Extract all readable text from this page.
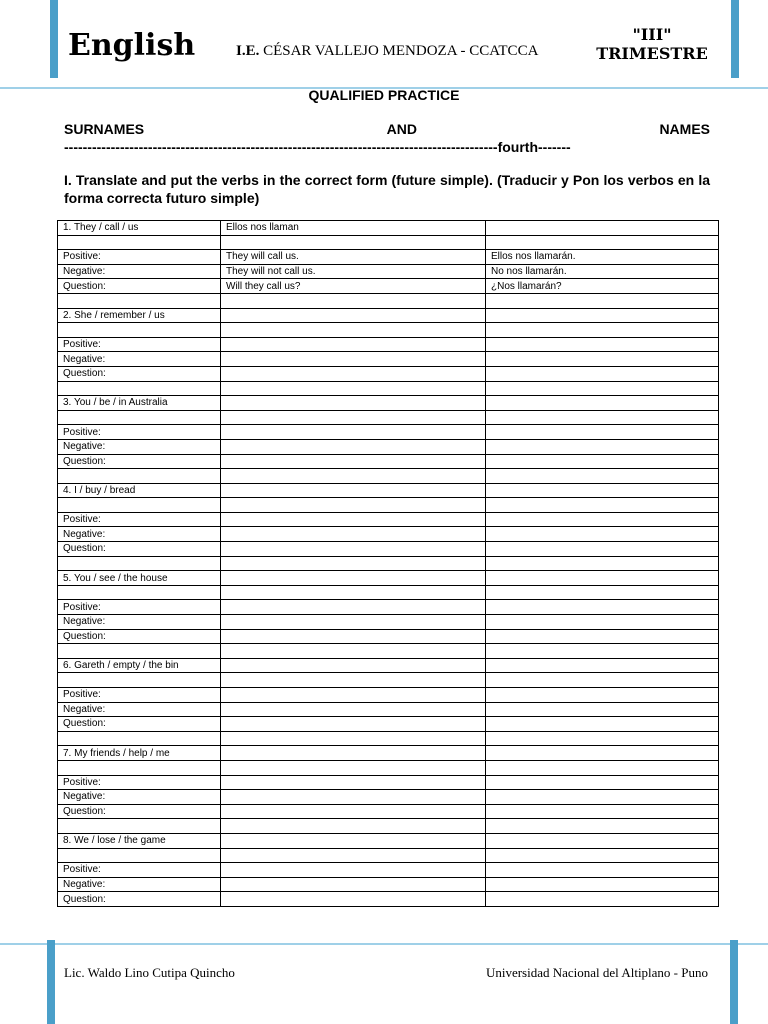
English	I.E. CÉSAR VALLEJO MENDOZA - CCATCCA
"III"
TRIMESTRE
QUALIFIED PRACTICE
SURNAMES	AND	NAMES
---------------------------------------------------------------------------------------------fourth-------

I. Translate and put the verbs in the correct form (future simple). (Traducir y Pon los verbos en la forma correcta futuro simple)

1. They / call / us	Ellos nos llaman	

Positive:	They will call us.	Ellos nos llamarán.
Negative:	They will not call us.	No nos llamarán.
Question:	Will they call us?	¿Nos llamarán?

2. She / remember / us		

Positive:		
Negative:		
Question:		

3. You / be / in Australia		

Positive:		
Negative:		
Question:		

4. I / buy / bread		

Positive:		
Negative:		
Question:		

5. You / see / the house		

Positive:		
Negative:		
Question:		

6. Gareth / empty / the bin		

Positive:		
Negative:		
Question:		

7. My friends / help / me		

Positive:		
Negative:		
Question:		

8. We / lose / the game		

Positive:		
Negative:		
Question:		
Lic. Waldo Lino Cutipa Quincho	Universidad Nacional del Altiplano - Puno
